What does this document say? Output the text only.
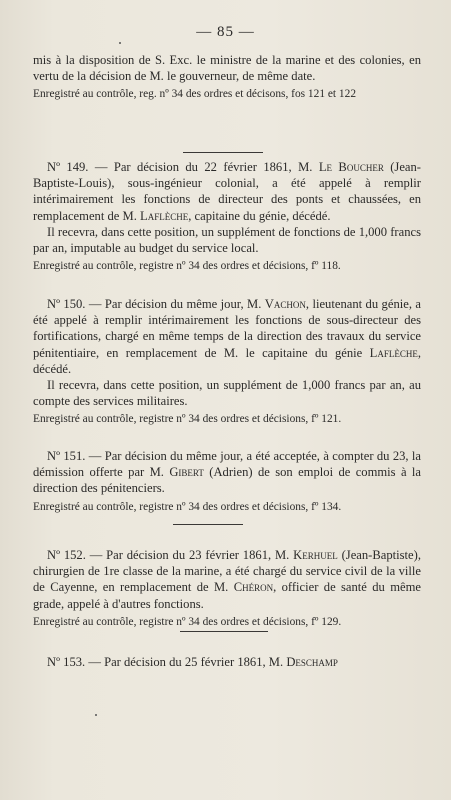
— 85 —

mis à la disposition de S. Exc. le ministre de la marine et des colonies, en vertu de la décision de M. le gouverneur, de même date.

Enregistré au contrôle, reg. nº 34 des ordres et décisons, fos 121 et 122

Nº 149. — Par décision du 22 février 1861, M. Le Boucher (Jean-Baptiste-Louis), sous-ingénieur colonial, a été appelé à remplir intérimairement les fonctions de directeur des ponts et chaussées, en remplacement de M. Laflèche, capitaine du génie, décédé.

Il recevra, dans cette position, un supplément de fonctions de 1,000 francs par an, imputable au budget du service local.

Enregistré au contrôle, registre nº 34 des ordres et décisions, fº 118.

Nº 150. — Par décision du même jour, M. Vachon, lieutenant du génie, a été appelé à remplir intérimairement les fonctions de sous-directeur des fortifications, chargé en même temps de la direction des travaux du service pénitentiaire, en remplacement de M. le capitaine du génie Laflèche, décédé.

Il recevra, dans cette position, un supplément de 1,000 francs par an, au compte des services militaires.

Enregistré au contrôle, registre nº 34 des ordres et décisions, fº 121.

Nº 151. — Par décision du même jour, a été acceptée, à compter du 23, la démission offerte par M. Gibert (Adrien) de son emploi de commis à la direction des pénitenciers.

Enregistré au contrôle, registre nº 34 des ordres et décisions, fº 134.

Nº 152. — Par décision du 23 février 1861, M. Kerhuel (Jean-Baptiste), chirurgien de 1re classe de la marine, a été chargé du service civil de la ville de Cayenne, en remplacement de M. Chéron, officier de santé du même grade, appelé à d'autres fonctions.

Enregistré au contrôle, registre nº 34 des ordres et décisions, fº 129.

Nº 153. — Par décision du 25 février 1861, M. Deschamp
